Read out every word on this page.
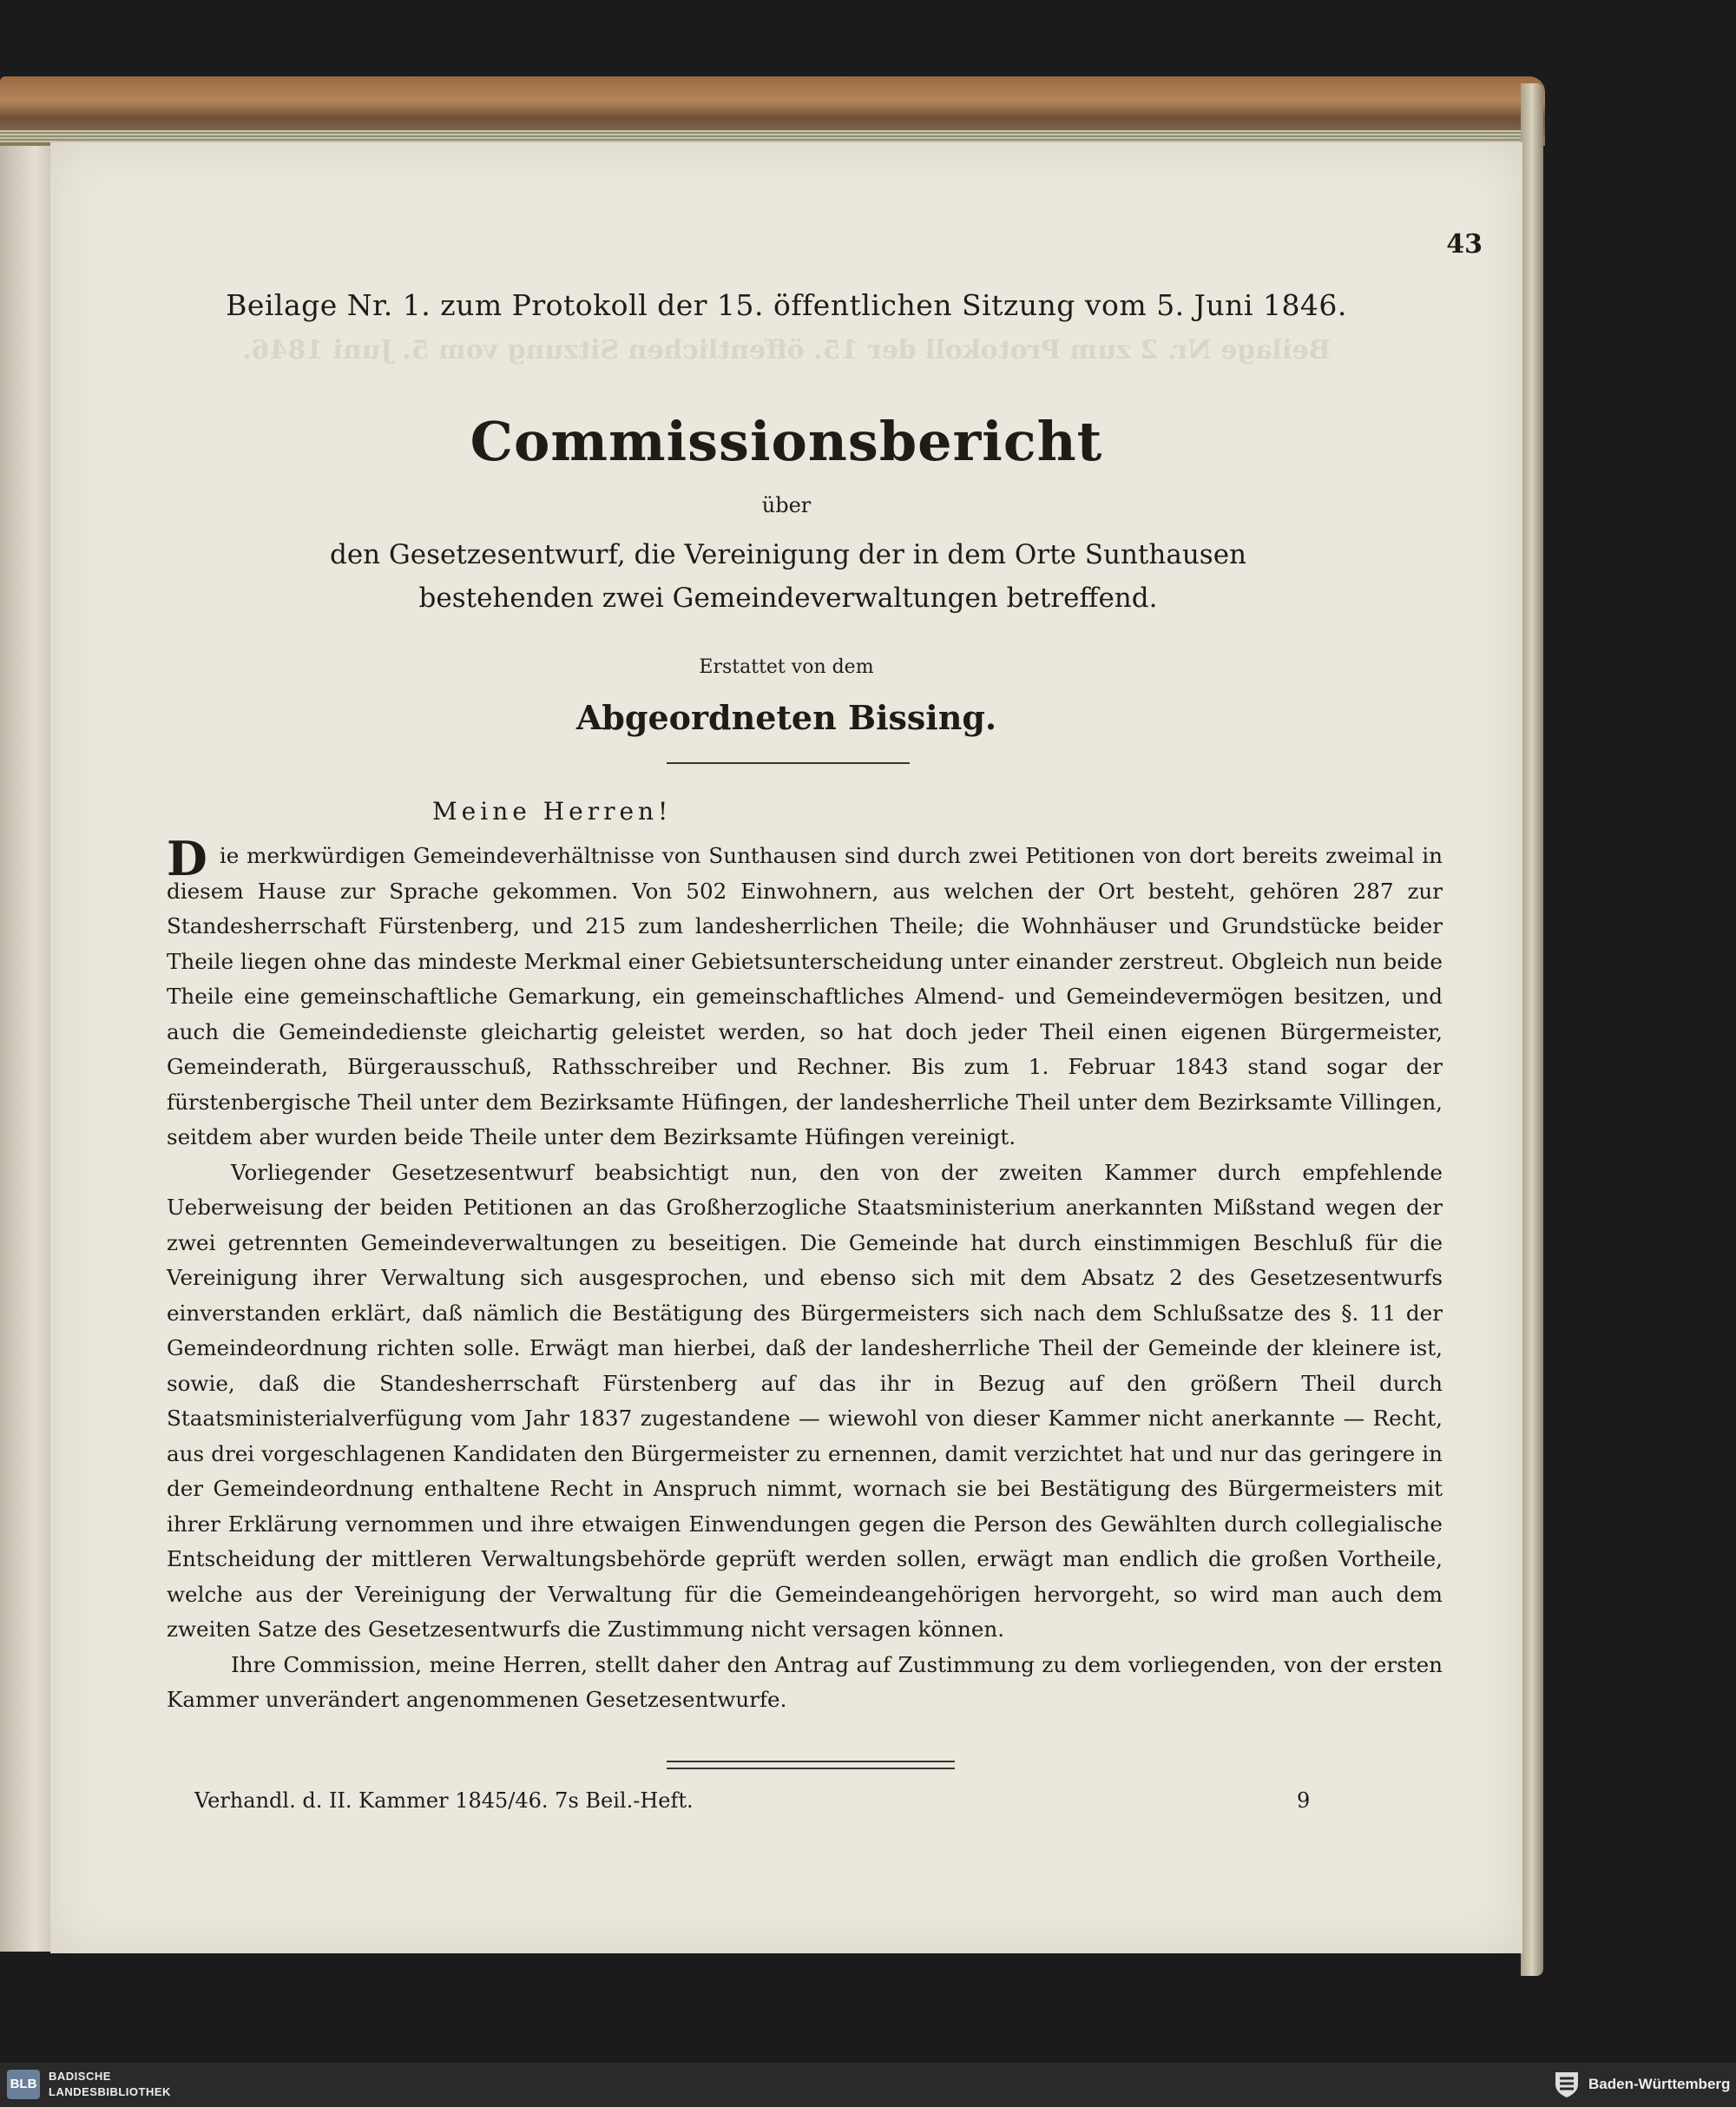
43
Beilage Nr. 1. zum Protokoll der 15. öffentlichen Sitzung vom 5. Juni 1846.
Beilage Nr. 2 zum Protokoll der 15. öffentlichen Sitzung vom 5. Juni 1846.
Commissionsbericht
über
den Gesetzesentwurf, die Vereinigung der in dem Orte Sunthausen bestehenden zwei Gemeindeverwaltungen betreffend.
Erstattet von dem
Abgeordneten Bissing.
Meine Herren!

Die merkwürdigen Gemeindeverhältnisse von Sunthausen sind durch zwei Petitionen von dort bereits zweimal in diesem Hause zur Sprache gekommen. Von 502 Einwohnern, aus welchen der Ort besteht, gehören 287 zur Standesherrschaft Fürstenberg, und 215 zum landesherrlichen Theile; die Wohnhäuser und Grundstücke beider Theile liegen ohne das mindeste Merkmal einer Gebietsunterscheidung unter einander zerstreut. Obgleich nun beide Theile eine gemeinschaftliche Gemarkung, ein gemeinschaftliches Almend- und Gemeindevermögen besitzen, und auch die Gemeindedienste gleichartig geleistet werden, so hat doch jeder Theil einen eigenen Bürgermeister, Gemeinderath, Bürgerausschuß, Rathsschreiber und Rechner. Bis zum 1. Februar 1843 stand sogar der fürstenbergische Theil unter dem Bezirksamte Hüfingen, der landesherrliche Theil unter dem Bezirksamte Villingen, seitdem aber wurden beide Theile unter dem Bezirksamte Hüfingen vereinigt.

Vorliegender Gesetzesentwurf beabsichtigt nun, den von der zweiten Kammer durch empfehlende Ueberweisung der beiden Petitionen an das Großherzogliche Staatsministerium anerkannten Mißstand wegen der zwei getrennten Gemeindeverwaltungen zu beseitigen. Die Gemeinde hat durch einstimmigen Beschluß für die Vereinigung ihrer Verwaltung sich ausgesprochen, und ebenso sich mit dem Absatz 2 des Gesetzesentwurfs einverstanden erklärt, daß nämlich die Bestätigung des Bürgermeisters sich nach dem Schlußsatze des §. 11 der Gemeindeordnung richten solle. Erwägt man hierbei, daß der landesherrliche Theil der Gemeinde der kleinere ist, sowie, daß die Standesherrschaft Fürstenberg auf das ihr in Bezug auf den größern Theil durch Staatsministerialverfügung vom Jahr 1837 zugestandene — wiewohl von dieser Kammer nicht anerkannte — Recht, aus drei vorgeschlagenen Kandidaten den Bürgermeister zu ernennen, damit verzichtet hat und nur das geringere in der Gemeindeordnung enthaltene Recht in Anspruch nimmt, wornach sie bei Bestätigung des Bürgermeisters mit ihrer Erklärung vernommen und ihre etwaigen Einwendungen gegen die Person des Gewählten durch collegialische Entscheidung der mittleren Verwaltungsbehörde geprüft werden sollen, erwägt man endlich die großen Vortheile, welche aus der Vereinigung der Verwaltung für die Gemeindeangehörigen hervorgeht, so wird man auch dem zweiten Satze des Gesetzesentwurfs die Zustimmung nicht versagen können.

Ihre Commission, meine Herren, stellt daher den Antrag auf Zustimmung zu dem vorliegenden, von der ersten Kammer unverändert angenommenen Gesetzesentwurfe.

Verhandl. d. II. Kammer 1845/46. 7s Beil.-Heft.	9
BLB
BADISCHE
LANDESBIBLIOTHEK	Baden-Württemberg
